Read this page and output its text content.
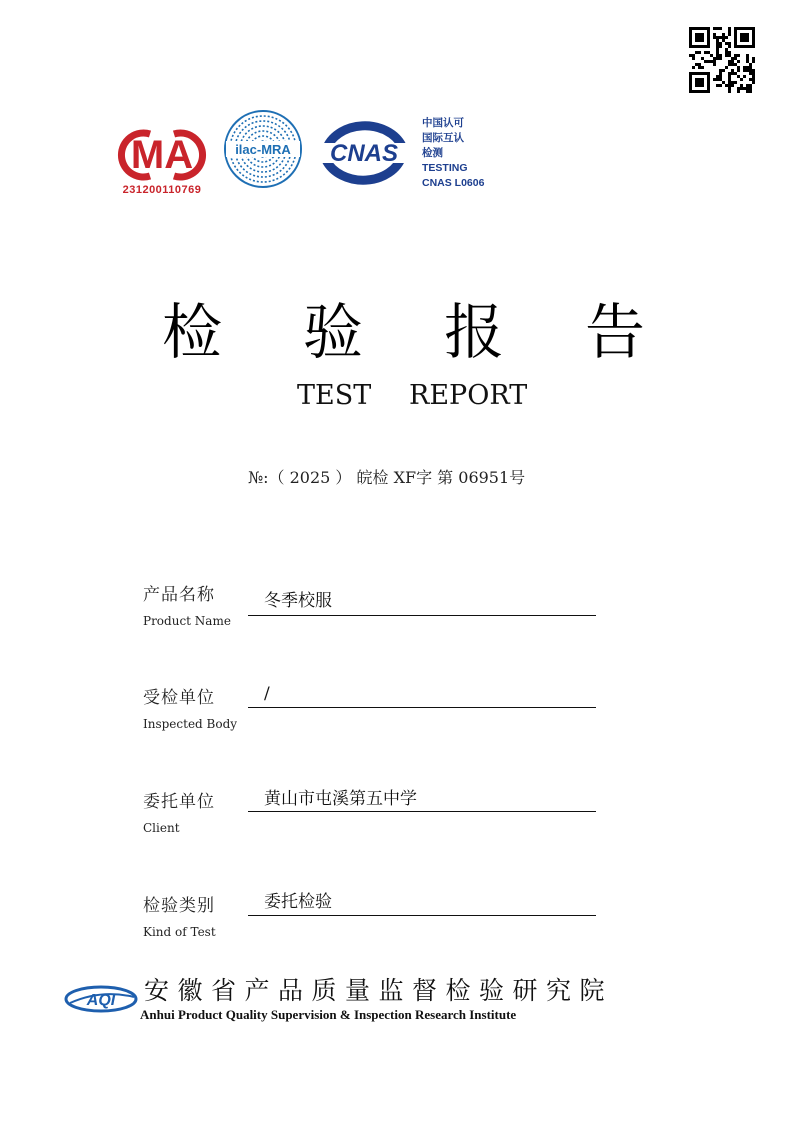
MA
231200110769
ilac-MRA CNAS
中国认可
国际互认
检测
TESTING
CNAS L0606
检 验 报 告
TEST REPORT
№:（ 2025 ） 皖检 XF字 第 06951号
产品名称
Product Name
冬季校服
受检单位
Inspected Body
/
委托单位
Client
黄山市屯溪第五中学
检验类别
Kind of Test
委托检验
AQI 安徽省产品质量监督检验研究院
Anhui Product Quality Supervision & Inspection Research Institute
